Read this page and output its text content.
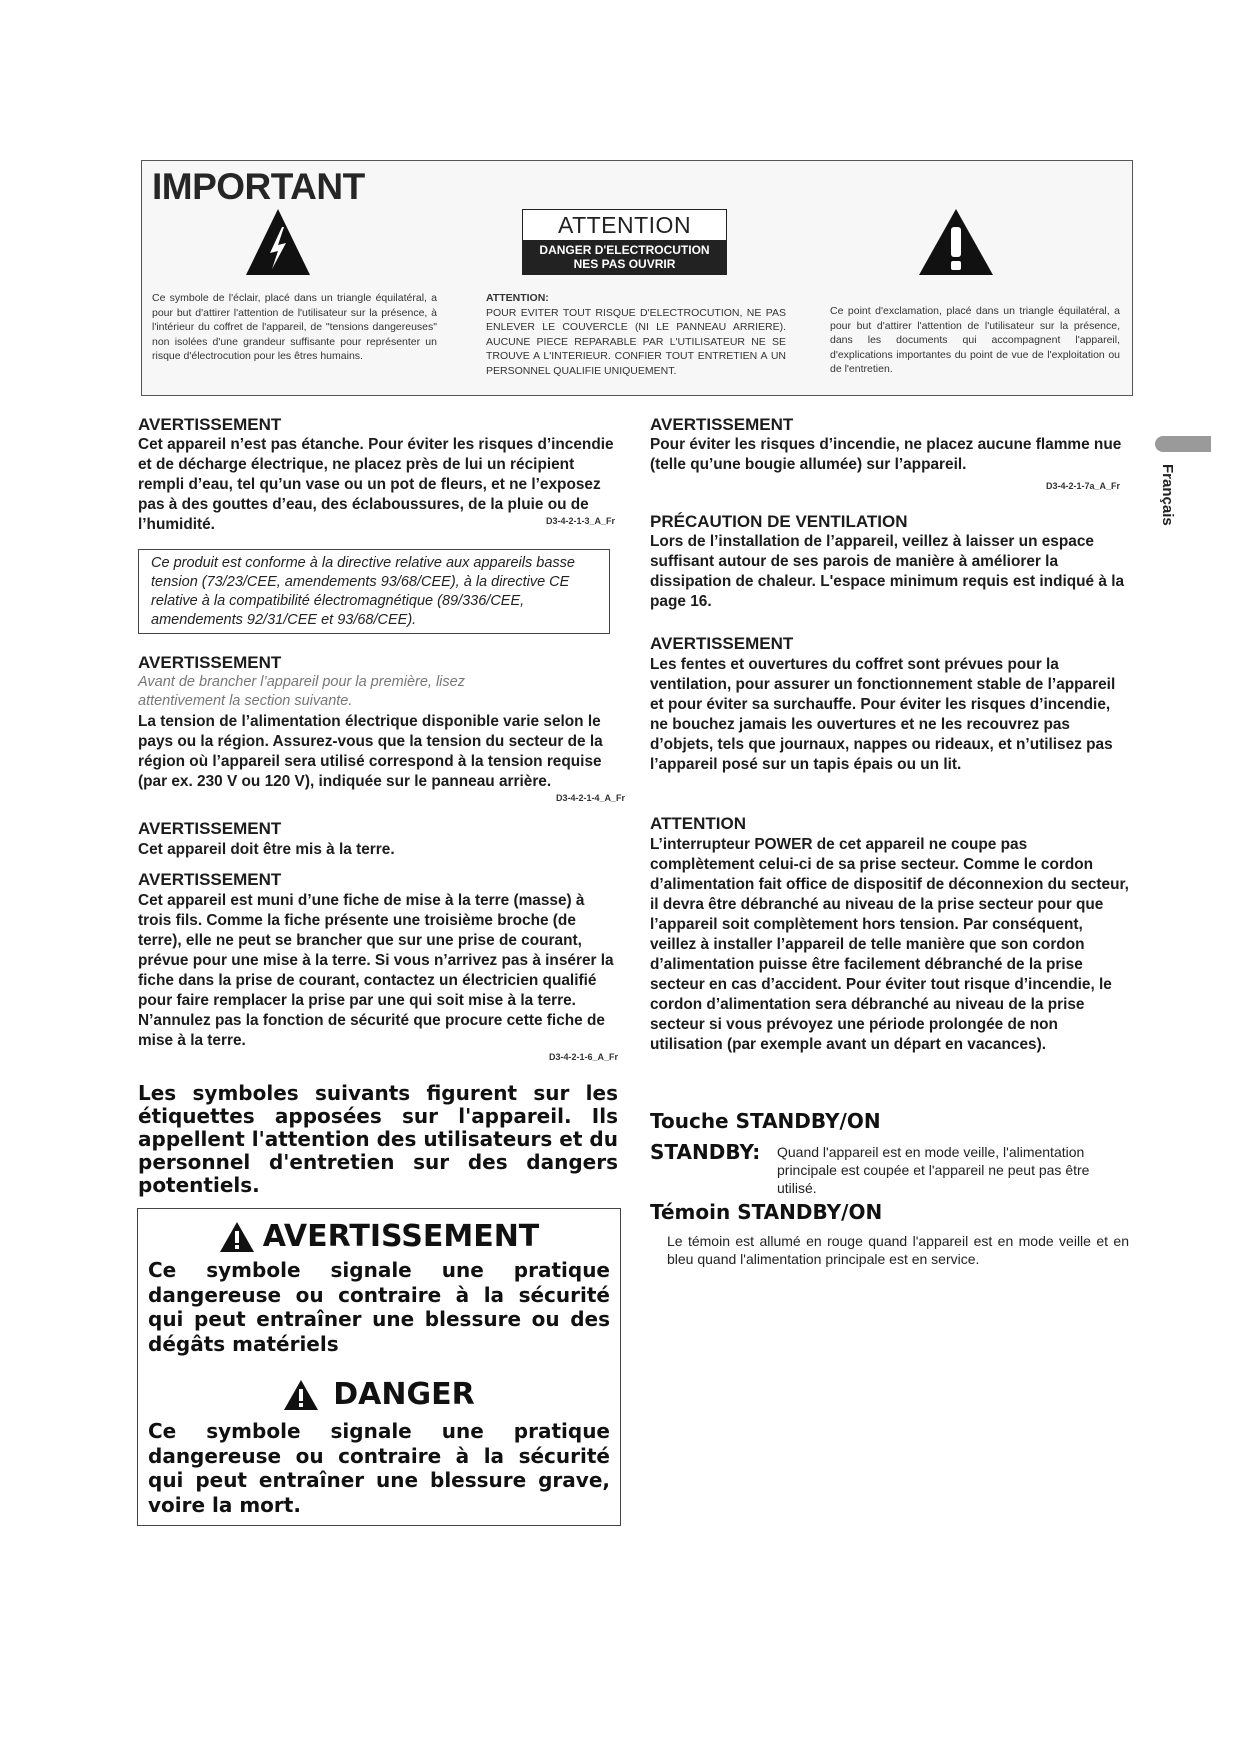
IMPORTANT
ATTENTION
DANGER D'ELECTROCUTION
NES PAS OUVRIR
Ce symbole de l'éclair, placé dans un triangle équilatéral, a pour but d'attirer l'attention de l'utilisateur sur la présence, à l'intérieur du coffret de l'appareil, de "tensions dangereuses" non isolées d'une grandeur suffisante pour représenter un risque d'électrocution pour les êtres humains.
ATTENTION:
POUR EVITER TOUT RISQUE D'ELECTROCUTION, NE PAS ENLEVER LE COUVERCLE (NI LE PANNEAU ARRIERE). AUCUNE PIECE REPARABLE PAR L'UTILISATEUR NE SE TROUVE A L'INTERIEUR. CONFIER TOUT ENTRETIEN A UN PERSONNEL QUALIFIE UNIQUEMENT.
Ce point d'exclamation, placé dans un triangle équilatéral, a pour but d'attirer l'attention de l'utilisateur sur la présence, dans les documents qui accompagnent l'appareil, d'explications importantes du point de vue de l'exploitation ou de l'entretien.
Français
AVERTISSEMENT
Cet appareil n’est pas étanche. Pour éviter les risques d’incendie et de décharge électrique, ne placez près de lui un récipient rempli d’eau, tel qu’un vase ou un pot de fleurs, et ne l’exposez pas à des gouttes d’eau, des éclaboussures, de la pluie ou de l’humidité.	D3-4-2-1-3_A_Fr
Ce produit est conforme à la directive relative aux appareils basse tension (73/23/CEE, amendements 93/68/CEE), à la directive CE relative à la compatibilité électromagnétique (89/336/CEE, amendements 92/31/CEE et 93/68/CEE).
AVERTISSEMENT
Avant de brancher l’appareil pour la première, lisez attentivement la section suivante.
La tension de l’alimentation électrique disponible varie selon le pays ou la région. Assurez-vous que la tension du secteur de la région où l’appareil sera utilisé correspond à la tension requise (par ex. 230 V ou 120 V), indiquée sur le panneau arrière.
D3-4-2-1-4_A_Fr
AVERTISSEMENT
Cet appareil doit être mis à la terre.
AVERTISSEMENT
Cet appareil est muni d’une fiche de mise à la terre (masse) à trois fils. Comme la fiche présente une troisième broche (de terre), elle ne peut se brancher que sur une prise de courant, prévue pour une mise à la terre. Si vous n’arrivez pas à insérer la fiche dans la prise de courant, contactez un électricien qualifié pour faire remplacer la prise par une qui soit mise à la terre. N’annulez pas la fonction de sécurité que procure cette fiche de mise à la terre.
D3-4-2-1-6_A_Fr
Les symboles suivants figurent sur les étiquettes apposées sur l'appareil. Ils appellent l'attention des utilisateurs et du personnel d'entretien sur des dangers potentiels.
AVERTISSEMENT
Ce symbole signale une pratique dangereuse ou contraire à la sécurité qui peut entraîner une blessure ou des dégâts matériels
DANGER
Ce symbole signale une pratique dangereuse ou contraire à la sécurité qui peut entraîner une blessure grave, voire la mort.
AVERTISSEMENT
Pour éviter les risques d’incendie, ne placez aucune flamme nue (telle qu’une bougie allumée) sur l’appareil.
D3-4-2-1-7a_A_Fr
PRÉCAUTION DE VENTILATION
Lors de l’installation de l’appareil, veillez à laisser un espace suffisant autour de ses parois de manière à améliorer la dissipation de chaleur. L'espace minimum requis est indiqué à la page 16.
AVERTISSEMENT
Les fentes et ouvertures du coffret sont prévues pour la ventilation, pour assurer un fonctionnement stable de l’appareil et pour éviter sa surchauffe. Pour éviter les risques d’incendie, ne bouchez jamais les ouvertures et ne les recouvrez pas d’objets, tels que journaux, nappes ou rideaux, et n’utilisez pas l’appareil posé sur un tapis épais ou un lit.
ATTENTION
L’interrupteur POWER de cet appareil ne coupe pas complètement celui-ci de sa prise secteur. Comme le cordon d’alimentation fait office de dispositif de déconnexion du secteur, il devra être débranché au niveau de la prise secteur pour que l’appareil soit complètement hors tension. Par conséquent, veillez à installer l’appareil de telle manière que son cordon d’alimentation puisse être facilement débranché de la prise secteur en cas d’accident. Pour éviter tout risque d’incendie, le cordon d’alimentation sera débranché au niveau de la prise secteur si vous prévoyez une période prolongée de non utilisation (par exemple avant un départ en vacances).
Touche STANDBY/ON
STANDBY: Quand l'appareil est en mode veille, l'alimentation principale est coupée et l'appareil ne peut pas être utilisé.
Témoin STANDBY/ON
Le témoin est allumé en rouge quand l'appareil est en mode veille et en bleu quand l'alimentation principale est en service.
